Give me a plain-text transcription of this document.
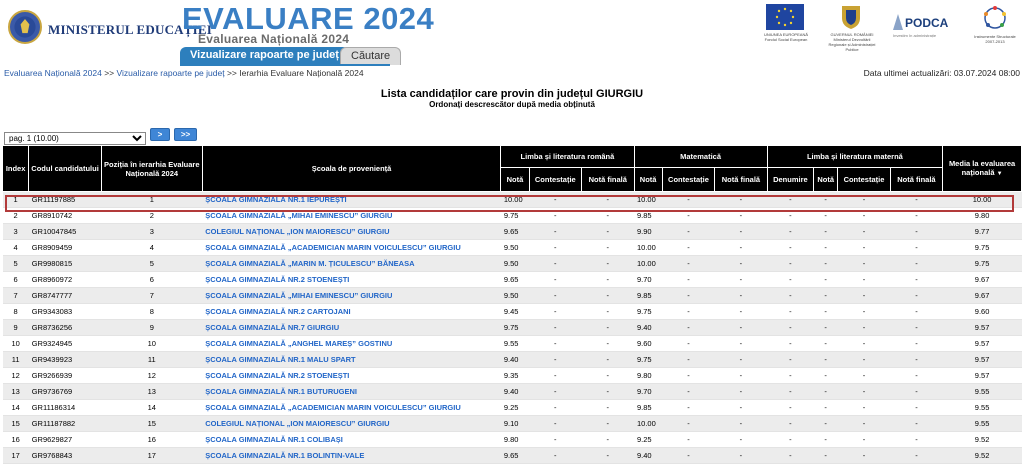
MINISTERUL EDUCAȚIEI
EVALUARE 2024
Evaluarea Națională 2024
Vizualizare rapoarte pe județ	Căutare
UNIUNEA EUROPEANĂ Fondul Social European
GUVERNUL ROMÂNIEI Ministerul Dezvoltării Regionale și Administrației Publice
PODCA
Investim în administrație	Instrumente Structurale 2007-2013
Evaluarea Națională 2024 >> Vizualizare rapoarte pe județ >> Ierarhia Evaluare Națională 2024	Data ultimei actualizări: 03.07.2024 08:00
Lista candidaților care provin din județul GIURGIU
Ordonați descrescător după media obținută
pag. 1 (10.00)
>	>>
Index	Codul candidatului	Poziția în ierarhia Evaluare Națională 2024	Școala de proveniență	Limba și literatura română			Matematică			Limba și literatura maternă				Media la evaluarea națională ▼
				Notă	Contestație	Notă finală	Notă	Contestație	Notă finală	Denumire	Notă	Contestație	Notă finală	
1	GR11197885	1	ȘCOALA GIMNAZIALĂ NR.1 IEPUREȘTI	10.00	-	-	10.00	-	-	-	-	-	-	10.00
2	GR8910742	2	ȘCOALA GIMNAZIALĂ „MIHAI EMINESCU” GIURGIU	9.75	-	-	9.85	-	-	-	-	-	-	9.80
3	GR10047845	3	COLEGIUL NAȚIONAL „ION MAIORESCU” GIURGIU	9.65	-	-	9.90	-	-	-	-	-	-	9.77
4	GR8909459	4	ȘCOALA GIMNAZIALĂ „ACADEMICIAN MARIN VOICULESCU” GIURGIU	9.50	-	-	10.00	-	-	-	-	-	-	9.75
5	GR9980815	5	ȘCOALA GIMNAZIALĂ „MARIN M. ȚICULESCU” BĂNEASA	9.50	-	-	10.00	-	-	-	-	-	-	9.75
6	GR8960972	6	ȘCOALA GIMNAZIALĂ NR.2 STOENEȘTI	9.65	-	-	9.70	-	-	-	-	-	-	9.67
7	GR8747777	7	ȘCOALA GIMNAZIALĂ „MIHAI EMINESCU” GIURGIU	9.50	-	-	9.85	-	-	-	-	-	-	9.67
8	GR9343083	8	ȘCOALA GIMNAZIALĂ NR.2 CARTOJANI	9.45	-	-	9.75	-	-	-	-	-	-	9.60
9	GR8736256	9	ȘCOALA GIMNAZIALĂ NR.7 GIURGIU	9.75	-	-	9.40	-	-	-	-	-	-	9.57
10	GR9324945	10	ȘCOALA GIMNAZIALĂ „ANGHEL MAREȘ” GOSTINU	9.55	-	-	9.60	-	-	-	-	-	-	9.57
11	GR9439923	11	ȘCOALA GIMNAZIALĂ NR.1 MALU SPART	9.40	-	-	9.75	-	-	-	-	-	-	9.57
12	GR9266939	12	ȘCOALA GIMNAZIALĂ NR.2 STOENEȘTI	9.35	-	-	9.80	-	-	-	-	-	-	9.57
13	GR9736769	13	ȘCOALA GIMNAZIALĂ NR.1 BUTURUGENI	9.40	-	-	9.70	-	-	-	-	-	-	9.55
14	GR11186314	14	ȘCOALA GIMNAZIALĂ „ACADEMICIAN MARIN VOICULESCU” GIURGIU	9.25	-	-	9.85	-	-	-	-	-	-	9.55
15	GR11187882	15	COLEGIUL NAȚIONAL „ION MAIORESCU” GIURGIU	9.10	-	-	10.00	-	-	-	-	-	-	9.55
16	GR9629827	16	ȘCOALA GIMNAZIALĂ NR.1 COLIBAȘI	9.80	-	-	9.25	-	-	-	-	-	-	9.52
17	GR9768843	17	ȘCOALA GIMNAZIALĂ NR.1 BOLINTIN-VALE	9.65	-	-	9.40	-	-	-	-	-	-	9.52
